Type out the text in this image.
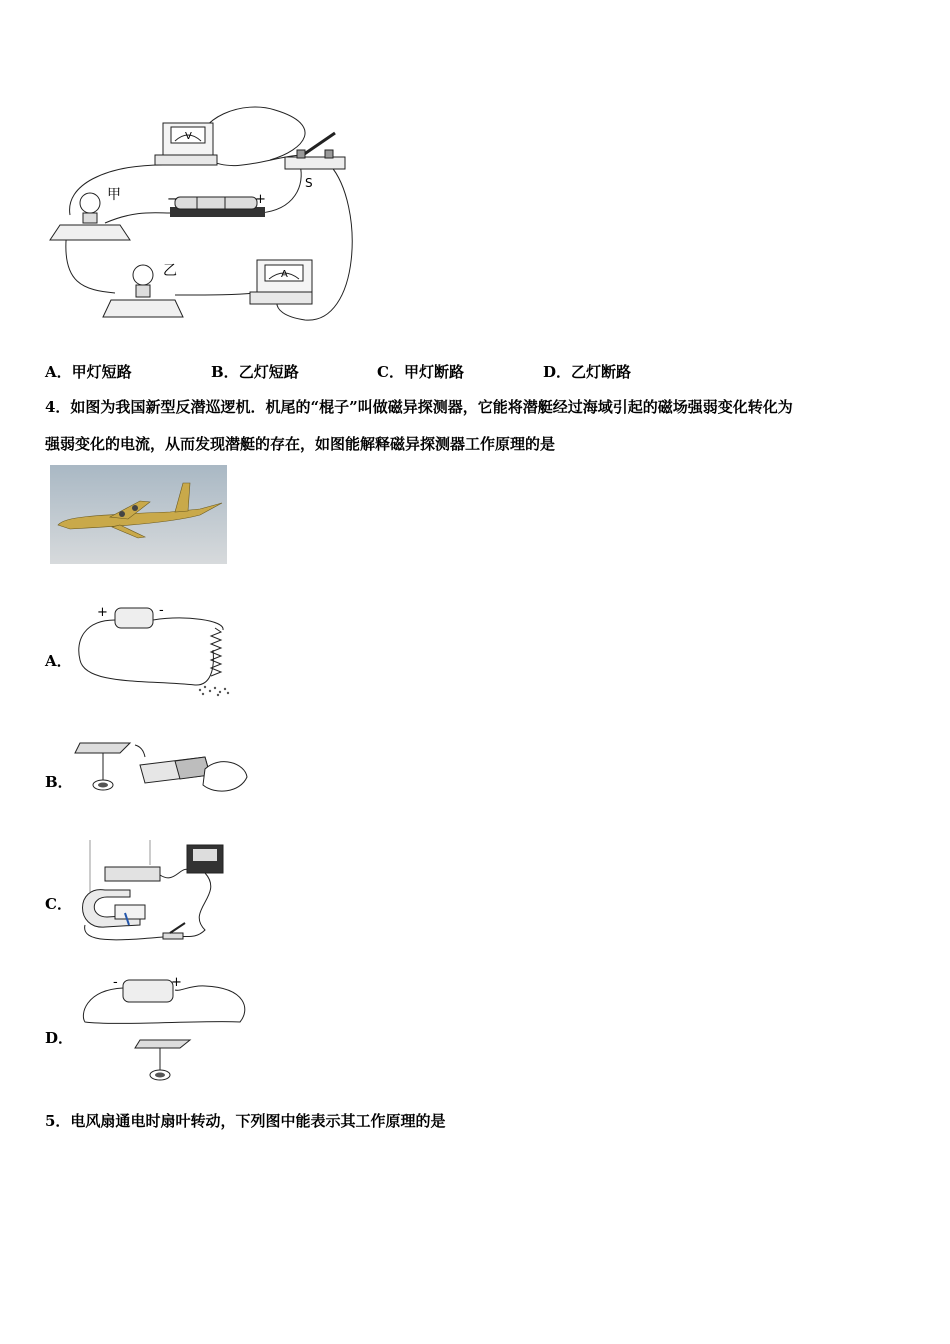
V
S
−	+
甲
乙	A
A．甲灯短路	B．乙灯短路	C．甲灯断路	D．乙灯断路
4．如图为我国新型反潜巡逻机．机尾的“棍子”叫做磁异探测器，它能将潜艇经过海域引起的磁场强弱变化转化为
强弱变化的电流，从而发现潜艇的存在，如图能解释磁异探测器工作原理的是
A．
+	-
B．
C．
D．
-	+
5．电风扇通电时扇叶转动，下列图中能表示其工作原理的是
